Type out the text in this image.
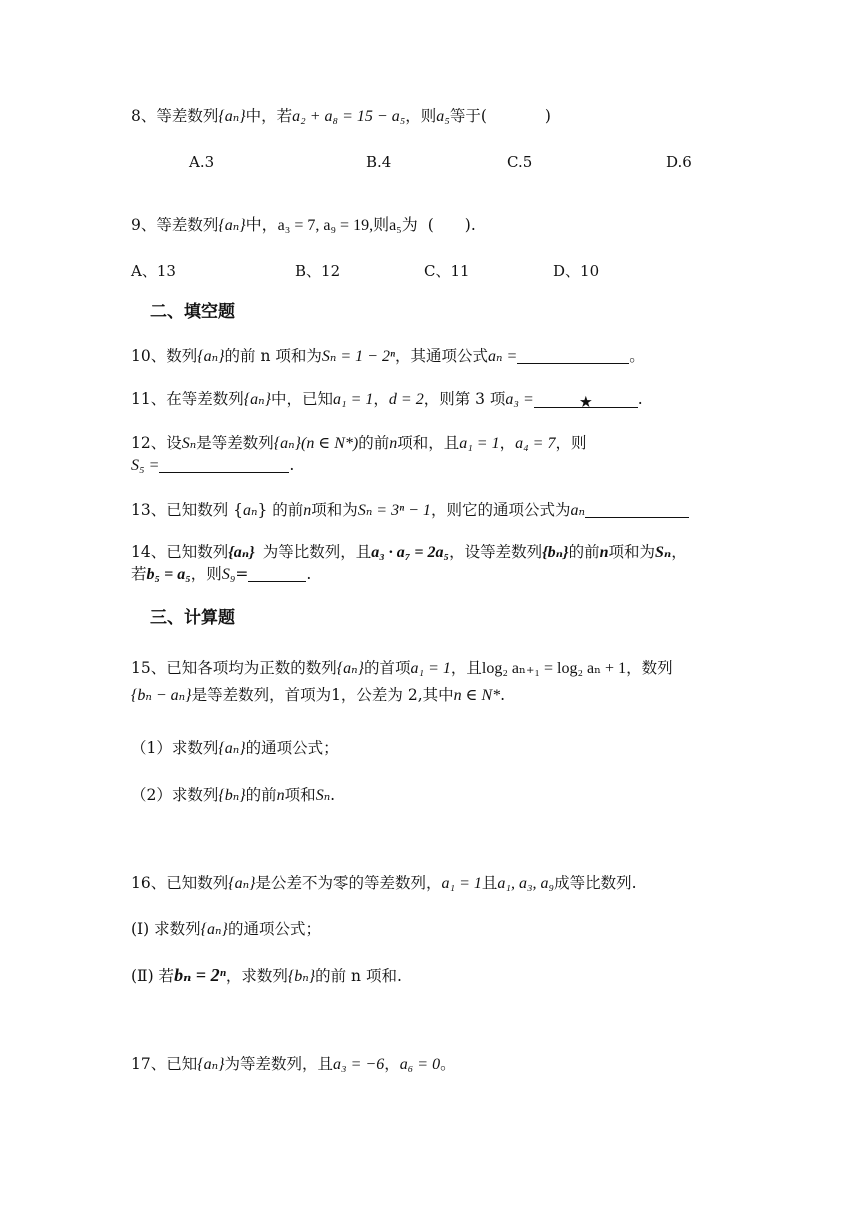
8、等差数列{aₙ}中，若a₂ + a₈ = 15 − a₅，则a₅等于(	)
A.3	B.4	C.5	D.6
9、等差数列{aₙ}中，a₃ = 7, a₉ = 19,则a₅为 (　　).
A、13	B、12	C、11	D、10
二、填空题
10、数列{aₙ}的前 n 项和为Sₙ = 1 − 2ⁿ，其通项公式aₙ =	。
11、在等差数列{aₙ}中，已知a₁ = 1，d = 2，则第 3 项a₃ =	★	.
12、设Sₙ是等差数列{aₙ}(n ∈ N*)的前n项和，且a₁ = 1，a₄ = 7，则
S₅ =	.
13、已知数列 {aₙ} 的前n项和为Sₙ = 3ⁿ − 1，则它的通项公式为aₙ
14、已知数列{aₙ} 为等比数列，且a₃ · a₇ = 2a₅，设等差数列{bₙ}的前n项和为Sₙ，
若b₅ = a₅，则S₉=	.
三、计算题
15、已知各项均为正数的数列{aₙ}的首项a₁ = 1，且log₂ aₙ₊₁ = log₂ aₙ + 1，数列
{bₙ − aₙ}是等差数列，首项为1，公差为 2,其中n ∈ N*.
（1）求数列{aₙ}的通项公式；
（2）求数列{bₙ}的前n项和Sₙ.
16、已知数列{aₙ}是公差不为零的等差数列，a₁ = 1且a₁, a₃, a₉成等比数列.
(Ⅰ) 求数列{aₙ}的通项公式；
(Ⅱ) 若bₙ = 2ⁿ，求数列{bₙ}的前 n 项和.
17、已知{aₙ}为等差数列，且a₃ = −6，a₆ = 0。
